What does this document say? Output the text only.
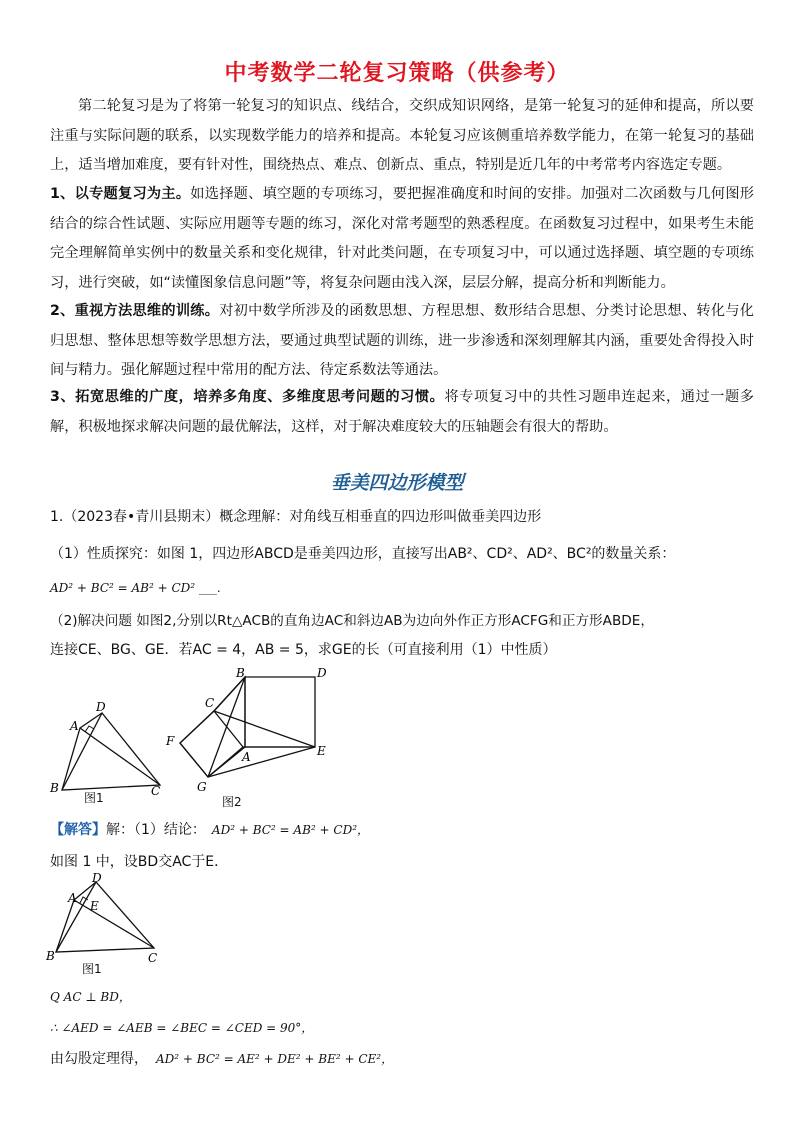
中考数学二轮复习策略（供参考）
第二轮复习是为了将第一轮复习的知识点、线结合，交织成知识网络，是第一轮复习的延伸和提高，所以要注重与实际问题的联系，以实现数学能力的培养和提高。本轮复习应该侧重培养数学能力，在第一轮复习的基础上，适当增加难度，要有针对性，围绕热点、难点、创新点、重点，特别是近几年的中考常考内容选定专题。
1、以专题复习为主。如选择题、填空题的专项练习，要把握准确度和时间的安排。加强对二次函数与几何图形结合的综合性试题、实际应用题等专题的练习，深化对常考题型的熟悉程度。在函数复习过程中，如果考生未能完全理解简单实例中的数量关系和变化规律，针对此类问题，在专项复习中，可以通过选择题、填空题的专项练习，进行突破，如“读懂图象信息问题”等，将复杂问题由浅入深，层层分解，提高分析和判断能力。
2、重视方法思维的训练。对初中数学所涉及的函数思想、方程思想、数形结合思想、分类讨论思想、转化与化归思想、整体思想等数学思想方法，要通过典型试题的训练，进一步渗透和深刻理解其内涵，重要处舍得投入时间与精力。强化解题过程中常用的配方法、待定系数法等通法。
3、拓宽思维的广度，培养多角度、多维度思考问题的习惯。将专项复习中的共性习题串连起来，通过一题多解，积极地探求解决问题的最优解法，这样，对于解决难度较大的压轴题会有很大的帮助。
垂美四边形模型
1.（2023春•青川县期末）概念理解：对角线互相垂直的四边形叫做垂美四边形
（1）性质探究：如图 1，四边形ABCD是垂美四边形，直接写出AB²、CD²、AD²、BC²的数量关系：
AD² + BC² = AB² + CD² ___.
（2)解决问题 如图2,分别以Rt△ACB的直角边AC和斜边AB为边向外作正方形ACFG和正方形ABDE，
连接CE、BG、GE．若AC = 4，AB = 5，求GE的长（可直接利用（1）中性质）
A
B	C
D
图1
B	D
C
F
A	E
G
图2
【解答】解：（1）结论： AD² + BC² = AB² + CD²，
如图 1 中，设BD交AC于E．
A
E
B	C
D
图1
Q AC ⊥ BD，
∴ ∠AED = ∠AEB = ∠BEC = ∠CED = 90°，
由勾股定理得， AD² + BC² = AE² + DE² + BE² + CE²，
